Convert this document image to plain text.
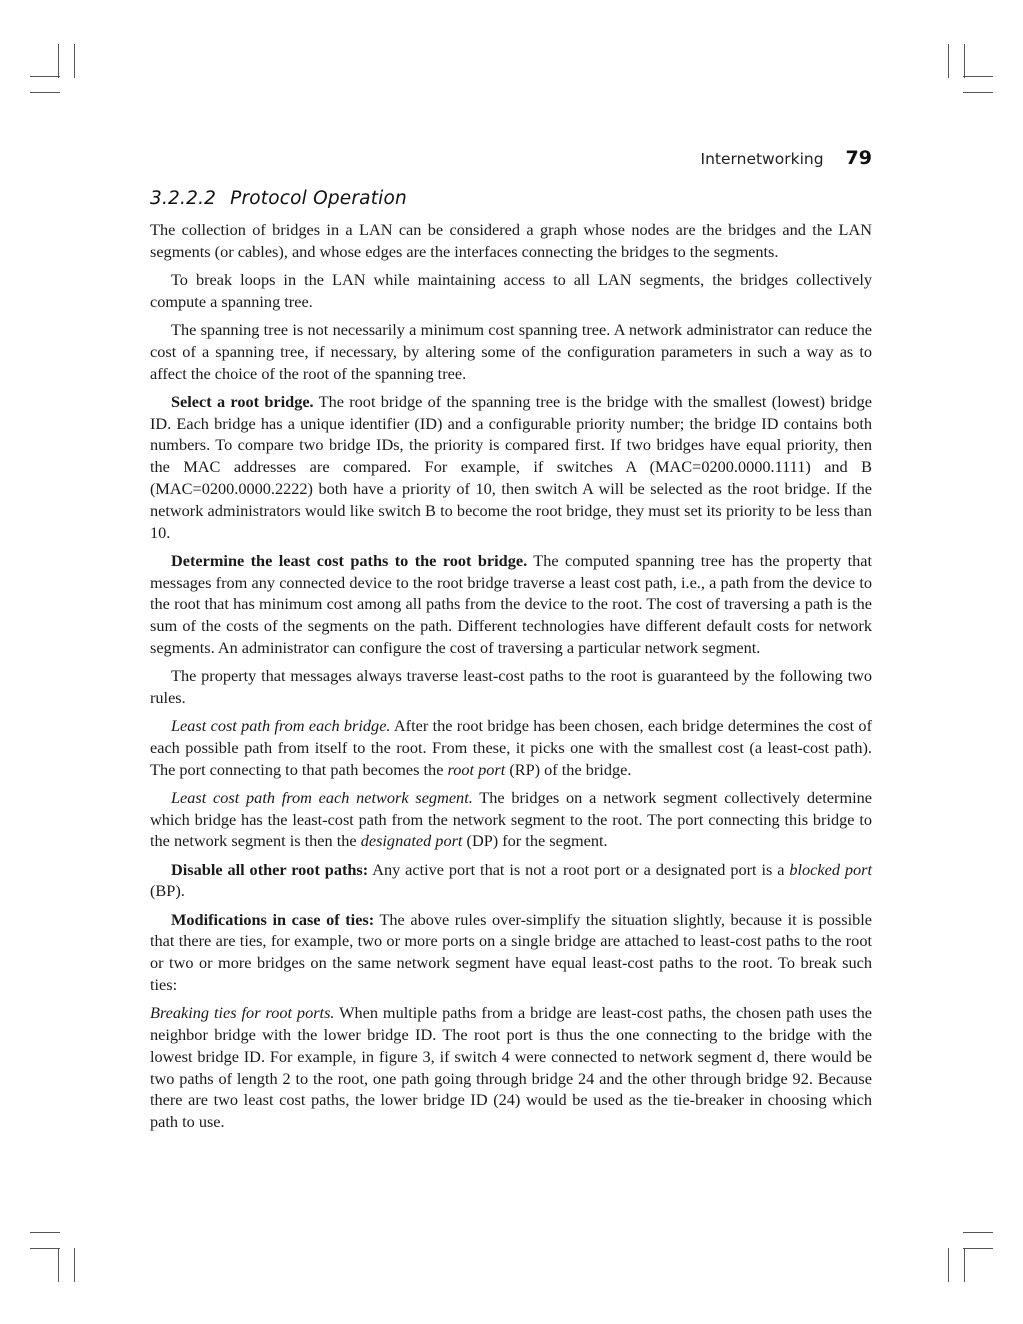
Internetworking 79
3.2.2.2 Protocol Operation

The collection of bridges in a LAN can be considered a graph whose nodes are the bridges and the LAN segments (or cables), and whose edges are the interfaces connecting the bridges to the segments.

To break loops in the LAN while maintaining access to all LAN segments, the bridges collectively compute a spanning tree.

The spanning tree is not necessarily a minimum cost spanning tree. A network administrator can reduce the cost of a spanning tree, if necessary, by altering some of the configuration parameters in such a way as to affect the choice of the root of the spanning tree.

Select a root bridge. The root bridge of the spanning tree is the bridge with the smallest (lowest) bridge ID. Each bridge has a unique identifier (ID) and a configurable priority number; the bridge ID contains both numbers. To compare two bridge IDs, the priority is compared first. If two bridges have equal priority, then the MAC addresses are compared. For example, if switches A (MAC=0200.0000.1111) and B (MAC=0200.0000.2222) both have a priority of 10, then switch A will be selected as the root bridge. If the network administrators would like switch B to become the root bridge, they must set its priority to be less than 10.

Determine the least cost paths to the root bridge. The computed spanning tree has the property that messages from any connected device to the root bridge traverse a least cost path, i.e., a path from the device to the root that has minimum cost among all paths from the device to the root. The cost of traversing a path is the sum of the costs of the segments on the path. Different technologies have different default costs for network segments. An administrator can configure the cost of traversing a particular network segment.

The property that messages always traverse least-cost paths to the root is guaranteed by the following two rules.

Least cost path from each bridge. After the root bridge has been chosen, each bridge determines the cost of each possible path from itself to the root. From these, it picks one with the smallest cost (a least-cost path). The port connecting to that path becomes the root port (RP) of the bridge.

Least cost path from each network segment. The bridges on a network segment collectively determine which bridge has the least-cost path from the network segment to the root. The port connecting this bridge to the network segment is then the designated port (DP) for the segment.

Disable all other root paths: Any active port that is not a root port or a designated port is a blocked port (BP).

Modifications in case of ties: The above rules over-simplify the situation slightly, because it is possible that there are ties, for example, two or more ports on a single bridge are attached to least-cost paths to the root or two or more bridges on the same network segment have equal least-cost paths to the root. To break such ties:

Breaking ties for root ports. When multiple paths from a bridge are least-cost paths, the chosen path uses the neighbor bridge with the lower bridge ID. The root port is thus the one connecting to the bridge with the lowest bridge ID. For example, in figure 3, if switch 4 were connected to network segment d, there would be two paths of length 2 to the root, one path going through bridge 24 and the other through bridge 92. Because there are two least cost paths, the lower bridge ID (24) would be used as the tie-breaker in choosing which path to use.
